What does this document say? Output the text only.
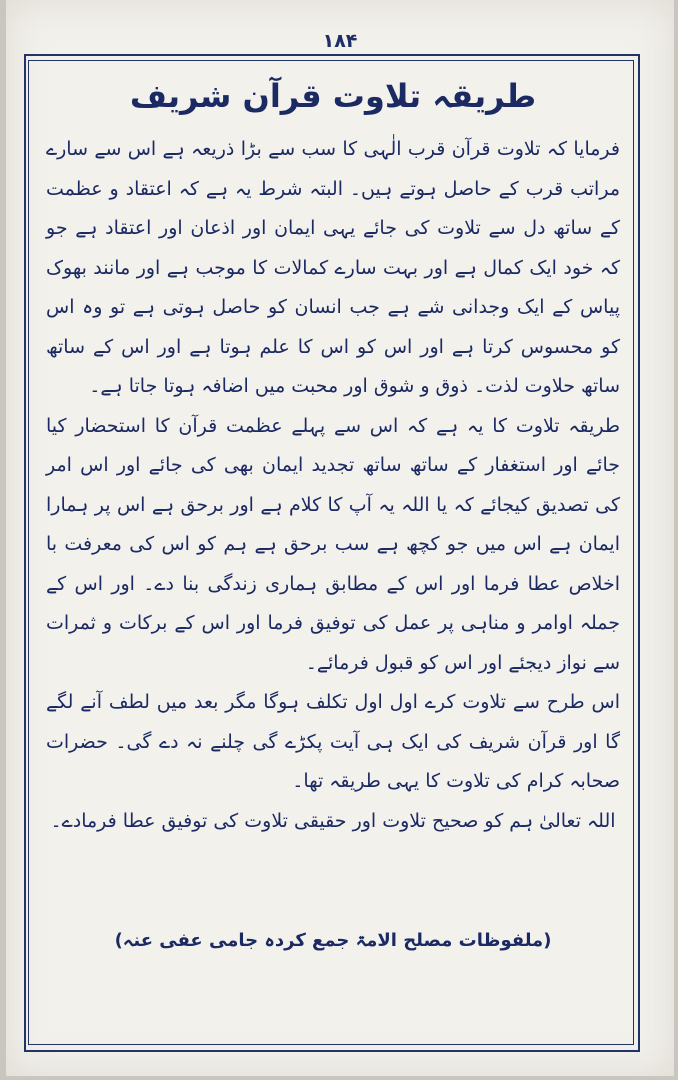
١٨۴
طریقہ تلاوت قرآن شریف

فرمایا کہ تلاوت قرآن قرب الٰہی کا سب سے بڑا ذریعہ ہے اس سے سارے مراتب قرب کے حاصل ہوتے ہیں۔ البتہ شرط یہ ہے کہ اعتقاد و عظمت کے ساتھ دل سے تلاوت کی جائے یہی ایمان اور اذعان اور اعتقاد ہے جو کہ خود ایک کمال ہے اور بہت سارے کمالات کا موجب ہے اور مانند بھوک پیاس کے ایک وجدانی شے ہے جب انسان کو حاصل ہوتی ہے تو وہ اس کو محسوس کرتا ہے اور اس کو اس کا علم ہوتا ہے اور اس کے ساتھ ساتھ حلاوت لذت۔ ذوق و شوق اور محبت میں اضافہ ہوتا جاتا ہے۔

طریقہ تلاوت کا یہ ہے کہ اس سے پہلے عظمت قرآن کا استحضار کیا جائے اور استغفار کے ساتھ ساتھ تجدید ایمان بھی کی جائے اور اس امر کی تصدیق کیجائے کہ یا اللہ یہ آپ کا کلام ہے اور برحق ہے اس پر ہمارا ایمان ہے اس میں جو کچھ ہے سب برحق ہے ہم کو اس کی معرفت با اخلاص عطا فرما اور اس کے مطابق ہماری زندگی بنا دے۔ اور اس کے جملہ اوامر و مناہی پر عمل کی توفیق فرما اور اس کے برکات و ثمرات سے نواز دیجئے اور اس کو قبول فرمائے۔

اس طرح سے تلاوت کرے اول اول تکلف ہوگا مگر بعد میں لطف آنے لگے گا اور قرآن شریف کی ایک ہی آیت پکڑے گی چلنے نہ دے گی۔ حضرات صحابہ کرام کی تلاوت کا یہی طریقہ تھا۔

اللہ تعالیٰ ہم کو صحیح تلاوت اور حقیقی تلاوت کی توفیق عطا فرمادے۔

(ملفوظات مصلح الامۃ جمع کردہ جامی عفی عنہ)
